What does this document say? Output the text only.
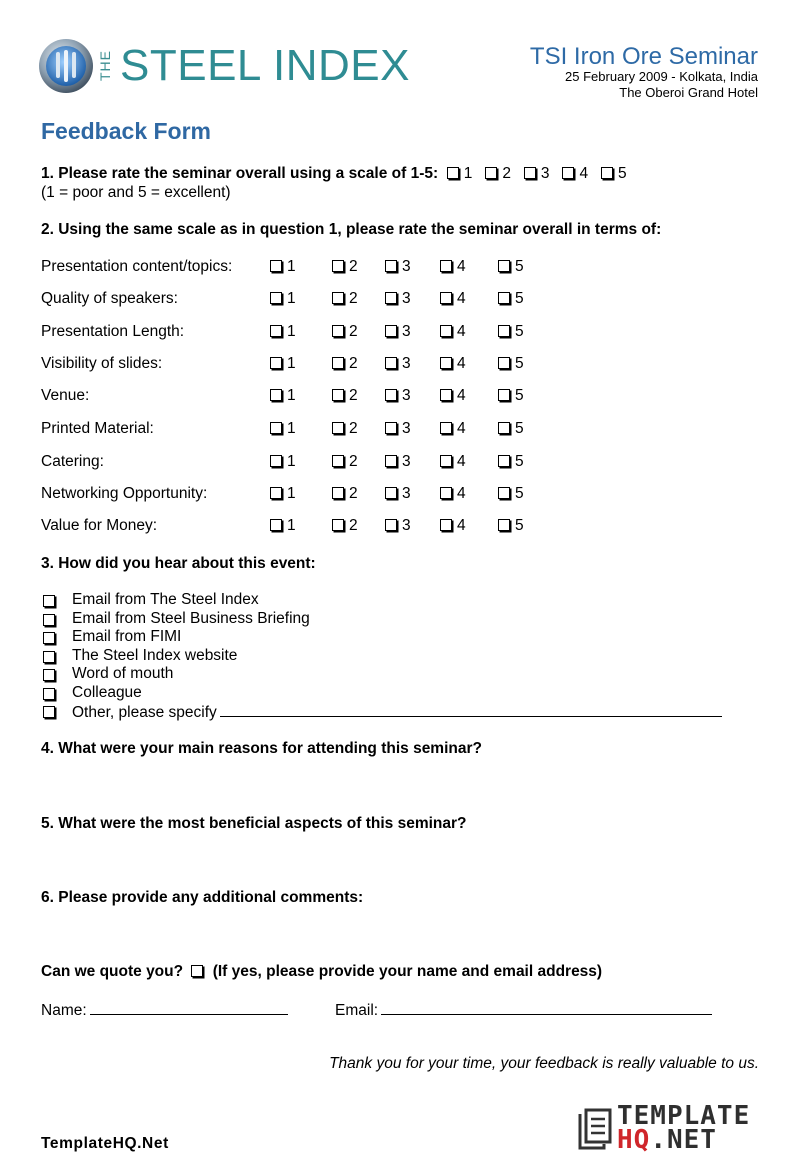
THE STEEL INDEX	TSI Iron Ore Seminar
25 February 2009 - Kolkata, India
The Oberoi Grand Hotel
Feedback Form
1. Please rate the seminar overall using a scale of 1-5: 1 2 3 4 5
(1 = poor and 5 = excellent)
2. Using the same scale as in question 1, please rate the seminar overall in terms of:
Presentation content/topics:	1	2	3	4	5
Quality of speakers:	1	2	3	4	5
Presentation Length:	1	2	3	4	5
Visibility of slides:	1	2	3	4	5
Venue:	1	2	3	4	5
Printed Material:	1	2	3	4	5
Catering:	1	2	3	4	5
Networking Opportunity:	1	2	3	4	5
Value for Money:	1	2	3	4	5
3. How did you hear about this event:
Email from The Steel Index
Email from Steel Business Briefing
Email from FIMI
The Steel Index website
Word of mouth
Colleague
Other, please specify
4. What were your main reasons for attending this seminar?
5. What were the most beneficial aspects of this seminar?
6. Please provide any additional comments:
Can we quote you? (If yes, please provide your name and email address)
Name:	Email:
Thank you for your time, your feedback is really valuable to us.
TemplateHQ.Net
TEMPLATE
HQ.NET
